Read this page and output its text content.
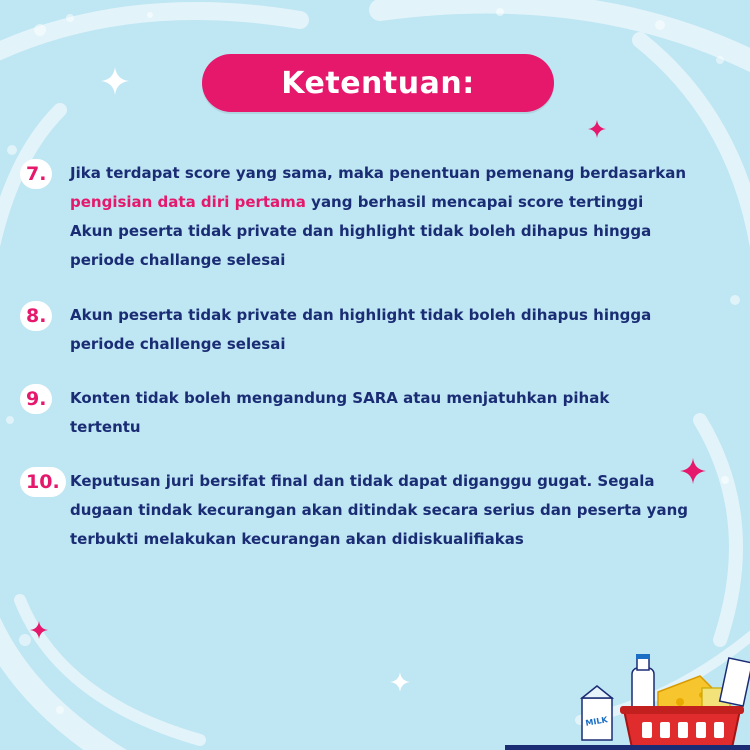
Ketentuan:
7.	Jika terdapat score yang sama, maka penentuan pemenang berdasarkan
pengisian data diri pertama yang berhasil mencapai score tertinggi
Akun peserta tidak private dan highlight tidak boleh dihapus hingga
periode challange selesai

8.	Akun peserta tidak private dan highlight tidak boleh dihapus hingga
periode challenge selesai

9.	Konten tidak boleh mengandung SARA atau menjatuhkan pihak
tertentu

10. Keputusan juri bersifat final dan tidak dapat diganggu gugat. Segala
dugaan tindak kecurangan akan ditindak secara serius dan peserta yang
terbukti melakukan kecurangan akan didiskualifiakas

MILK
